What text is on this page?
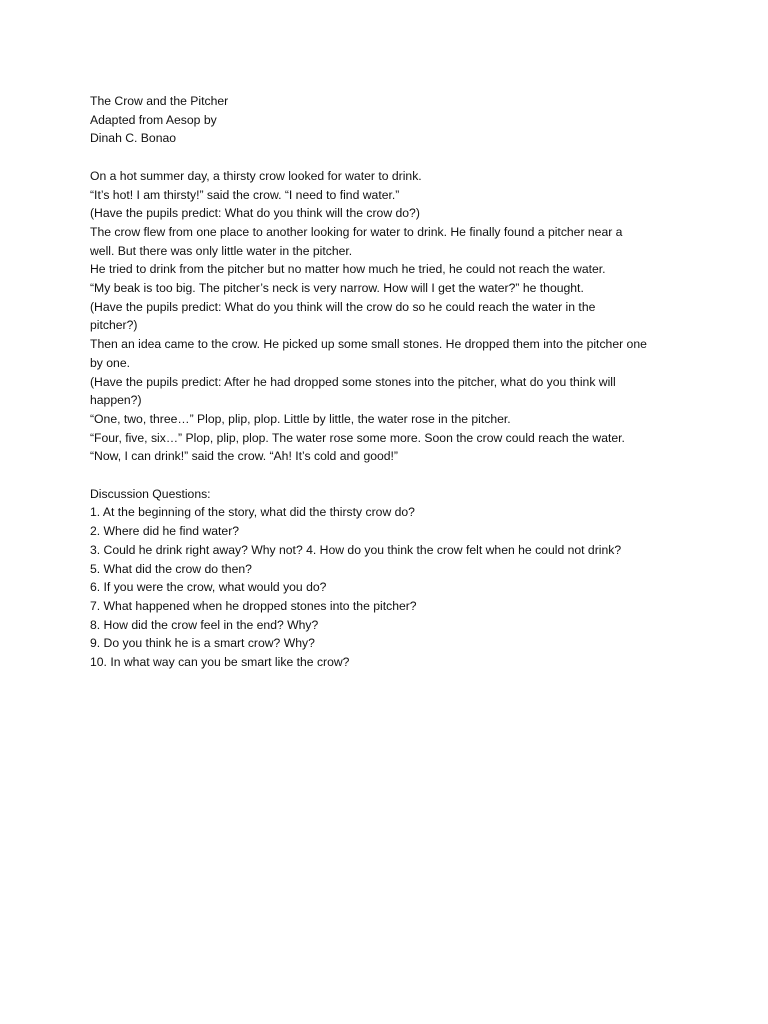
The Crow and the Pitcher
Adapted from Aesop by
Dinah C. Bonao
On a hot summer day, a thirsty crow looked for water to drink.
“It’s hot! I am thirsty!” said the crow. “I need to find water.”
(Have the pupils predict: What do you think will the crow do?)
The crow flew from one place to another looking for water to drink. He finally found a pitcher near a
well. But there was only little water in the pitcher.
He tried to drink from the pitcher but no matter how much he tried, he could not reach the water.
“My beak is too big. The pitcher’s neck is very narrow. How will I get the water?” he thought.
(Have the pupils predict: What do you think will the crow do so he could reach the water in the
pitcher?)
Then an idea came to the crow. He picked up some small stones. He dropped them into the pitcher one
by one.
(Have the pupils predict: After he had dropped some stones into the pitcher, what do you think will
happen?)
“One, two, three…” Plop, plip, plop. Little by little, the water rose in the pitcher.
“Four, five, six…” Plop, plip, plop. The water rose some more. Soon the crow could reach the water.
“Now, I can drink!” said the crow. “Ah! It’s cold and good!”
Discussion Questions:
1. At the beginning of the story, what did the thirsty crow do?
2. Where did he find water?
3. Could he drink right away? Why not? 4. How do you think the crow felt when he could not drink?
5. What did the crow do then?
6. If you were the crow, what would you do?
7. What happened when he dropped stones into the pitcher?
8. How did the crow feel in the end? Why?
9. Do you think he is a smart crow? Why?
10. In what way can you be smart like the crow?
